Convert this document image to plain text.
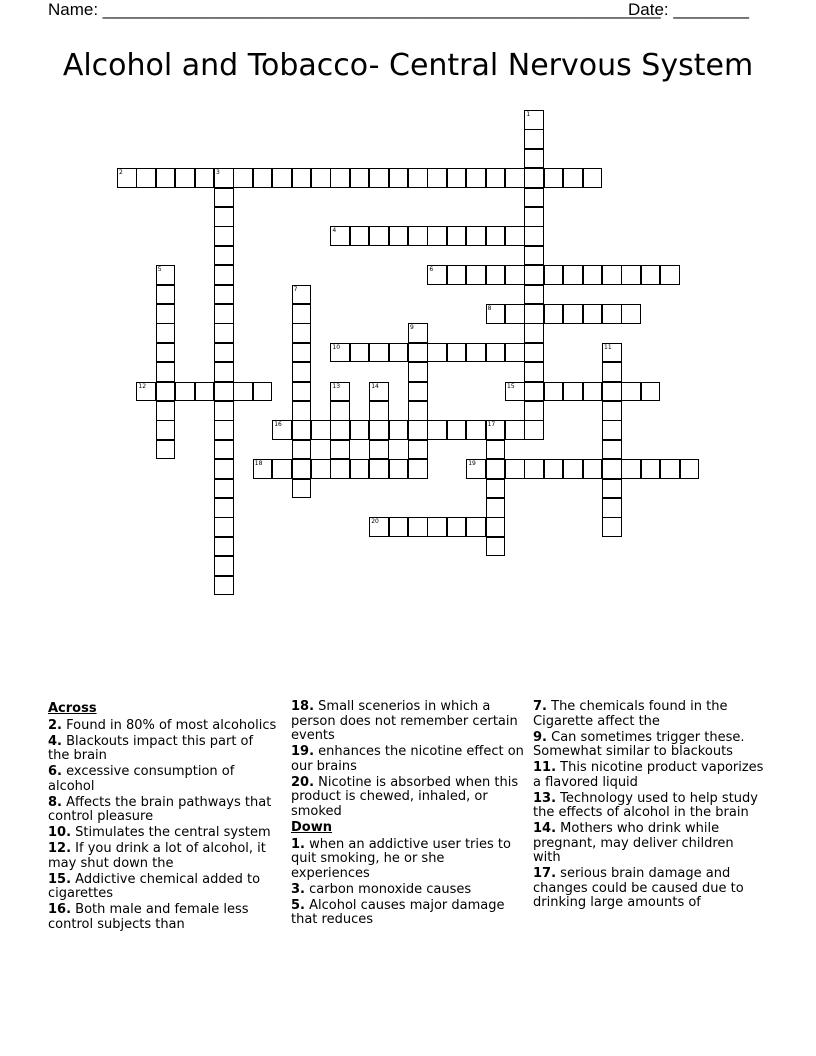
Name: ___________________________________________________________
Date: ________
Alcohol and Tobacco- Central Nervous System
1
2	3
4
5	6
7
8
9
10	11
12	13	14	15
16	17
18	19
20
Across
2. Found in 80% of most alcoholics
4. Blackouts impact this part of the brain
6. excessive consumption of alcohol
8. Affects the brain pathways that control pleasure
10. Stimulates the central system
12. If you drink a lot of alcohol, it may shut down the
15. Addictive chemical added to cigarettes
16. Both male and female less control subjects than
18. Small scenerios in which a person does not remember certain events
19. enhances the nicotine effect on our brains
20. Nicotine is absorbed when this product is chewed, inhaled, or smoked
Down
1. when an addictive user tries to quit smoking, he or she experiences
3. carbon monoxide causes
5. Alcohol causes major damage that reduces
7. The chemicals found in the Cigarette affect the
9. Can sometimes trigger these. Somewhat similar to blackouts
11. This nicotine product vaporizes a flavored liquid
13. Technology used to help study the effects of alcohol in the brain
14. Mothers who drink while pregnant, may deliver children with
17. serious brain damage and changes could be caused due to drinking large amounts of
